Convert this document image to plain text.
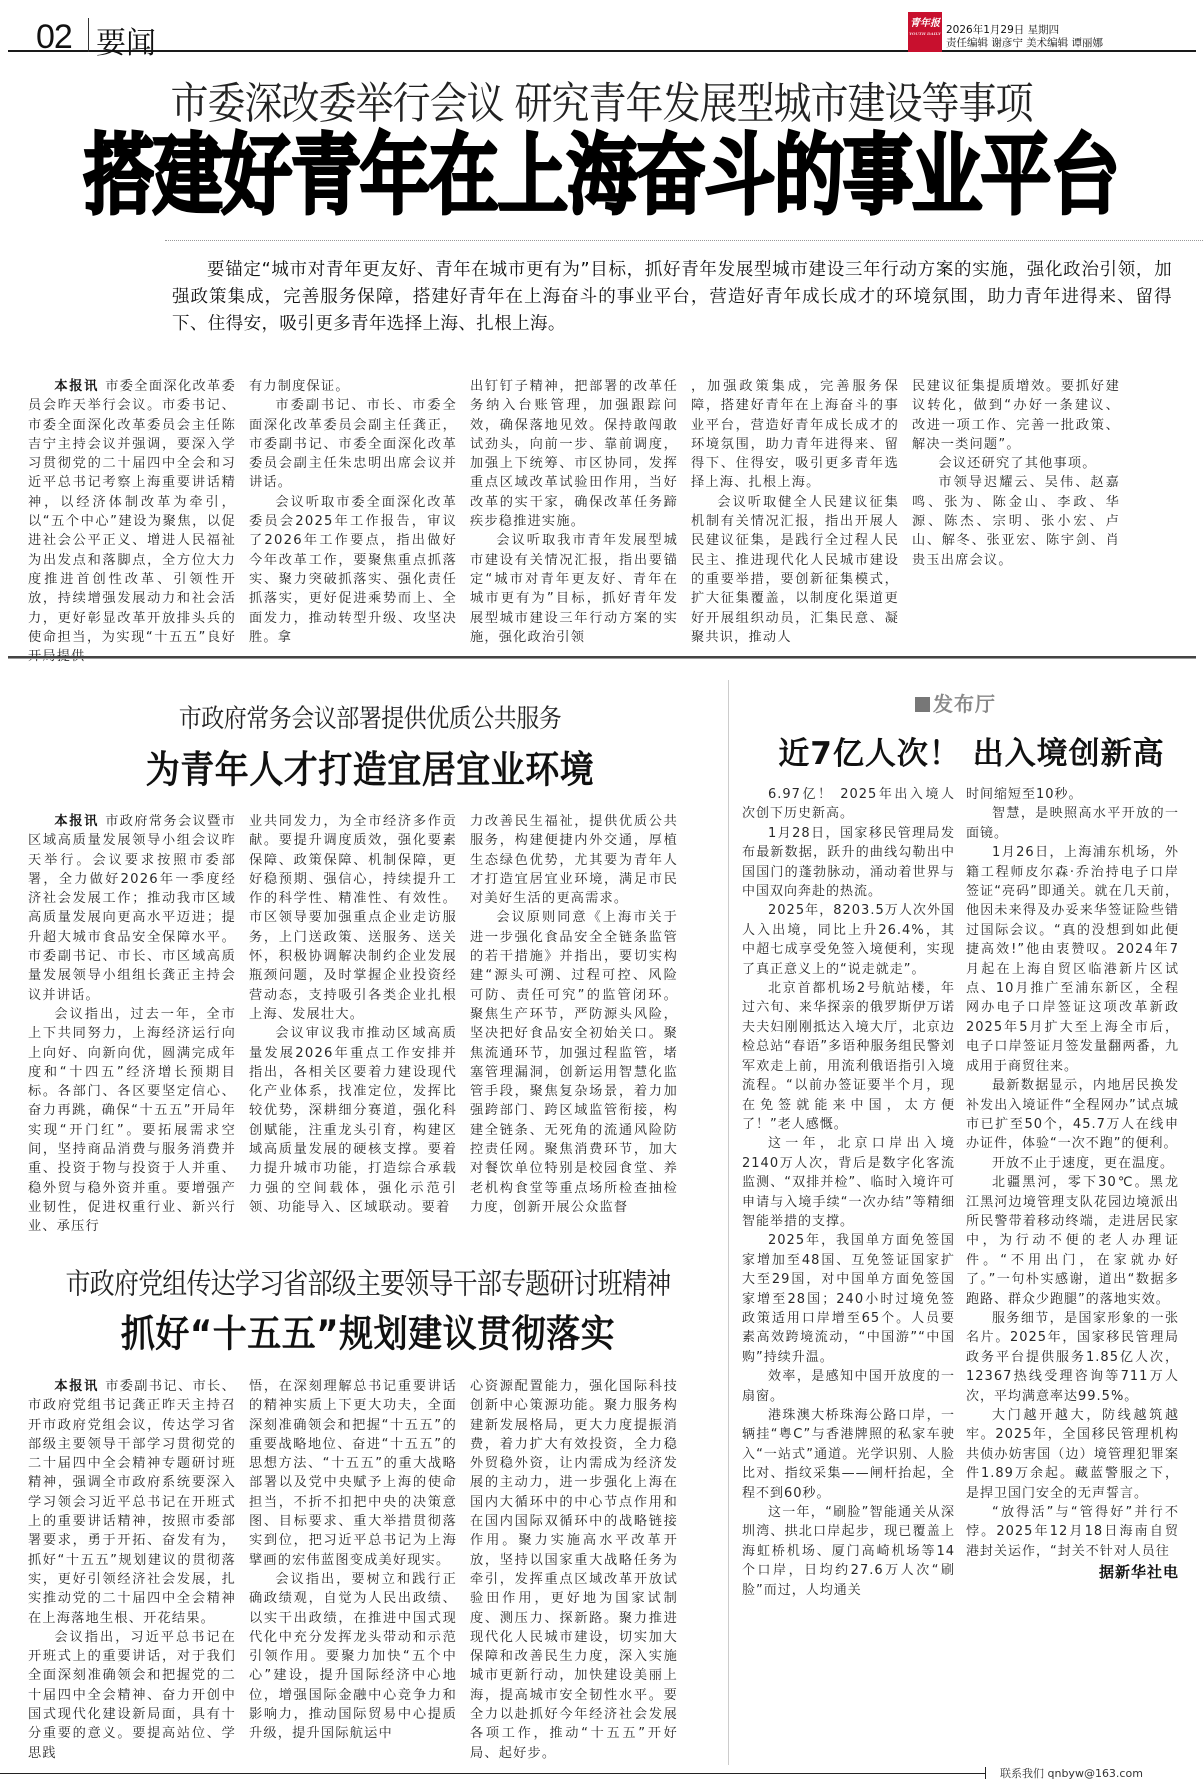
02 要闻
青年报
YOUTH DAILY 2026年1月29日 星期四
责任编辑 谢彦宁 美术编辑 谭丽娜
市委深改委举行会议 研究青年发展型城市建设等事项
搭建好青年在上海奋斗的事业平台

要锚定“城市对青年更友好、青年在城市更有为”目标，抓好青年发展型城市建设三年行动方案的实施，强化政治引领，加强政策集成，完善服务保障，搭建好青年在上海奋斗的事业平台，营造好青年成长成才的环境氛围，助力青年进得来、留得下、住得安，吸引更多青年选择上海、扎根上海。

本报讯 市委全面深化改革委员会昨天举行会议。市委书记、市委全面深化改革委员会主任陈吉宁主持会议并强调，要深入学习贯彻党的二十届四中全会和习近平总书记考察上海重要讲话精神，以经济体制改革为牵引，以“五个中心”建设为聚焦，以促进社会公平正义、增进人民福祉为出发点和落脚点，全方位大力度推进首创性改革、引领性开放，持续增强发展动力和社会活力，更好彰显改革开放排头兵的使命担当，为实现“十五五”良好

有力制度保证。

市委副书记、市长、市委全面深化改革委员会副主任龚正，市委副书记、市委全面深化改革委员会副主任朱忠明出席会议并讲话。

会议听取市委全面深化改革委员会2025年工作报告，审议了2026年工作要点，指出做好今年改革工作，要聚焦重点抓落实、聚力突破抓落实、强化责任抓落实，更好促进乘势而上、全面发力，推动转型升级、攻坚决胜。拿

出钉钉子精神，把部署的改革任务纳入台账管理，加强跟踪问效，确保落地见效。保持敢闯敢试劲头，向前一步、靠前调度，加强上下统筹、市区协同，发挥重点区域改革试验田作用，当好改革的实干家，确保改革任务蹄疾步稳推进实施。

会议听取我市青年发展型城市建设有关情况汇报，指出要锚定“城市对青年更友好、青年在城市更有为”目标，抓好青年发展型城市建设三年行动方案的实施，强化政治引领

，加强政策集成，完善服务保障，搭建好青年在上海奋斗的事业平台，营造好青年成长成才的环境氛围，助力青年进得来、留得下、住得安，吸引更多青年选择上海、扎根上海。

会议听取健全人民建议征集机制有关情况汇报，指出开展人民建议征集，是践行全过程人民民主、推进现代化人民城市建设的重要举措，要创新征集模式，扩大征集覆盖，以制度化渠道更好开展组织动员，汇集民意、凝聚共识，推动人

民建议征集提质增效。要抓好建议转化，做到“办好一条建议、改进一项工作、完善一批政策、解决一类问题”。

会议还研究了其他事项。

市领导迟耀云、吴伟、赵嘉鸣、张为、陈金山、李政、华源、陈杰、宗明、张小宏、卢山、解冬、张亚宏、陈宇剑、肖贵玉出席会议。

市政府常务会议部署提供优质公共服务
为青年人才打造宜居宜业环境

本报讯 市政府常务会议暨市区域高质量发展领导小组会议昨天举行。会议要求按照市委部署，全力做好2026年一季度经济社会发展工作；推动我市区域高质量发展向更高水平迈进；提升超大城市食品安全保障水平。市委副书记、市长、市区域高质量发展领导小组组长龚正主持会议并讲话。

会议指出，过去一年，全市上下共同努力，上海经济运行向上向好、向新向优，圆满完成年度和“十四五”经济增长预期目标。各部门、各区要坚定信心、奋力再跳，确保“十五五”开局年实现“开门红”。要拓展需求空间，坚持商品消费与服务消费并重、投资于物与投资于人并重、稳外贸与稳外资并重。要增强产业韧性，促进权重行业、新兴行业、承压行

业共同发力，为全市经济多作贡献。要提升调度质效，强化要素保障、政策保障、机制保障，更好稳预期、强信心，持续提升工作的科学性、精准性、有效性。市区领导要加强重点企业走访服务，上门送政策、送服务、送关怀，积极协调解决制约企业发展瓶颈问题，及时掌握企业投资经营动态，支持吸引各类企业扎根上海、发展壮大。

会议审议我市推动区域高质量发展2026年重点工作安排并指出，各相关区要着力建设现代化产业体系，找准定位，发挥比较优势，深耕细分赛道，强化科创赋能，注重龙头引育，构建区域高质量发展的硬核支撑。要着力提升城市功能，打造综合承载力强的空间载体，强化示范引领、功能导入、区域联动。要着

力改善民生福祉，提供优质公共服务，构建便捷内外交通，厚植生态绿色优势，尤其要为青年人才打造宜居宜业环境，满足市民对美好生活的更高需求。

会议原则同意《上海市关于进一步强化食品安全全链条监管的若干措施》并指出，要切实构建“源头可溯、过程可控、风险可防、责任可究”的监管闭环。聚焦生产环节，严防源头风险，坚决把好食品安全初始关口。聚焦流通环节，加强过程监管，堵塞管理漏洞，创新运用智慧化监管手段，聚焦复杂场景，着力加强跨部门、跨区域监管衔接，构建全链条、无死角的流通风险防控责任网。聚焦消费环节，加大对餐饮单位特别是校园食堂、养老机构食堂等重点场所检查抽检力度，创新开展公众监督

市政府党组传达学习省部级主要领导干部专题研讨班精神
抓好“十五五”规划建议贯彻落实

本报讯 市委副书记、市长、市政府党组书记龚正昨天主持召开市政府党组会议，传达学习省部级主要领导干部学习贯彻党的二十届四中全会精神专题研讨班精神，强调全市政府系统要深入学习领会习近平总书记在开班式上的重要讲话精神，按照市委部署要求，勇于开拓、奋发有为，抓好“十五五”规划建议的贯彻落实，更好引领经济社会发展，扎实推动党的二十届四中全会精神在上海落地生根、开花结果。

会议指出，习近平总书记在开班式上的重要讲话，对于我们全面深刻准确领会和把握党的二十届四中全会精神、奋力开创中国式现代化建设新局面，具有十分重要的意义。要提高站位、学思践

悟，在深刻理解总书记重要讲话的精神实质上下更大功夫，全面深刻准确领会和把握“十五五”的重要战略地位、奋进“十五五”的思想方法、“十五五”的重大战略部署以及党中央赋予上海的使命担当，不折不扣把中央的决策意图、目标要求、重大举措贯彻落实到位，把习近平总书记为上海擘画的宏伟蓝图变成美好现实。

会议指出，要树立和践行正确政绩观，自觉为人民出政绩、以实干出政绩，在推进中国式现代化中充分发挥龙头带动和示范引领作用。要聚力加快“五个中心”建设，提升国际经济中心地位，增强国际金融中心竞争力和影响力，推动国际贸易中心提质升级，提升国际航运中

心资源配置能力，强化国际科技创新中心策源功能。聚力服务构建新发展格局，更大力度提振消费，着力扩大有效投资，全力稳外贸稳外资，让内需成为经济发展的主动力，进一步强化上海在国内大循环中的中心节点作用和在国内国际双循环中的战略链接作用。聚力实施高水平改革开放，坚持以国家重大战略任务为牵引，发挥重点区域改革开放试验田作用，更好地为国家试制度、测压力、探新路。聚力推进现代化人民城市建设，切实加大保障和改善民生力度，深入实施城市更新行动，加快建设美丽上海，提高城市安全韧性水平。要全力以赴抓好今年经济社会发展各项工作，推动“十五五”开好局、起好步。

发布厅
近7亿人次！ 出入境创新高

6.97亿！ 2025年出入境人次创下历史新高。

1月28日，国家移民管理局发布最新数据，跃升的曲线勾勒出中国国门的蓬勃脉动，涌动着世界与中国双向奔赴的热流。

2025年，8203.5万人次外国人入出境，同比上升26.4%，其中超七成享受免签入境便利，实现了真正意义上的“说走就走”。

北京首都机场2号航站楼，年过六旬、来华探亲的俄罗斯伊万诺夫夫妇刚刚抵达入境大厅，北京边检总站“春语”多语种服务组民警刘军欢走上前，用流利俄语指引入境流程。“以前办签证要半个月，现在免签就能来中国，太方便了！”老人感慨。

这一年，北京口岸出入境2140万人次，背后是数字化客流监测、“双排并检”、临时入境许可申请与入境手续“一次办结”等精细智能举措的支撑。

2025年，我国单方面免签国家增加至48国、互免签证国家扩大至29国，对中国单方面免签国家增至28国；240小时过境免签政策适用口岸增至65个。人员要素高效跨境流动，“中国游”“中国购”持续升温。

效率，是感知中国开放度的一扇窗。

港珠澳大桥珠海公路口岸，一辆挂“粤C”与香港牌照的私家车驶入“一站式”通道。光学识别、人脸比对、指纹采集——闸杆抬起，全程不到60秒。

这一年，“刷脸”智能通关从深圳湾、拱北口岸起步，现已覆盖上海虹桥机场、厦门高崎机场等14个口岸，日均约27.6万人次“刷脸”而过，人均通关

时间缩短至10秒。

智慧，是映照高水平开放的一面镜。

1月26日，上海浦东机场，外籍工程师皮尔森·乔治持电子口岸签证“亮码”即通关。就在几天前，他因未来得及办妥来华签证险些错过国际会议。“真的没想到如此便捷高效!”他由衷赞叹。2024年7月起在上海自贸区临港新片区试点、10月推广至浦东新区，全程网办电子口岸签证这项改革新政2025年5月扩大至上海全市后，电子口岸签证月签发量翻两番，九成用于商贸往来。

最新数据显示，内地居民换发补发出入境证件“全程网办”试点城市已扩至50个，45.7万人在线申办证件，体验“一次不跑”的便利。

开放不止于速度，更在温度。

北疆黑河，零下30℃。黑龙江黑河边境管理支队花园边境派出所民警带着移动终端，走进居民家中，为行动不便的老人办理证件。“不用出门，在家就办好了。”一句朴实感谢，道出“数据多跑路、群众少跑腿”的落地实效。

服务细节，是国家形象的一张名片。2025年，国家移民管理局政务平台提供服务1.85亿人次，12367热线受理咨询等711万人次，平均满意率达99.5%。

大门越开越大，防线越筑越牢。2025年，全国移民管理机构共侦办妨害国（边）境管理犯罪案件1.89万余起。藏蓝警服之下，是捍卫国门安全的无声誓言。

“放得活”与“管得好”并行不悖。2025年12月18日海南自贸港封关运作，“封关不针对人员往

据新华社电
联系我们 qnbyw@163.com
